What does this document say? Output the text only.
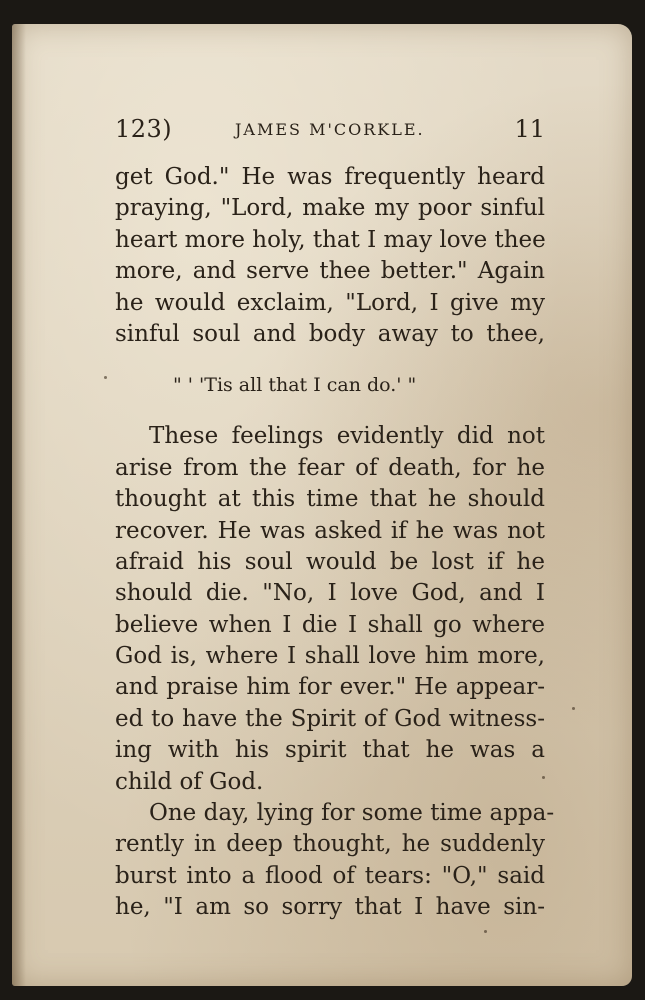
123)	JAMES M'CORKLE.	11
get God." He was frequently heard
praying, "Lord, make my poor sinful
heart more holy, that I may love thee
more, and serve thee better." Again
he would exclaim, "Lord, I give my
sinful soul and body away to thee,
" ' 'Tis all that I can do.' "
These feelings evidently did not
arise from the fear of death, for he
thought at this time that he should
recover. He was asked if he was not
afraid his soul would be lost if he
should die. "No, I love God, and I
believe when I die I shall go where
God is, where I shall love him more,
and praise him for ever." He appear-
ed to have the Spirit of God witness-
ing with his spirit that he was a
child of God.
One day, lying for some time appa-
rently in deep thought, he suddenly
burst into a flood of tears: "O," said
he, "I am so sorry that I have sin-
